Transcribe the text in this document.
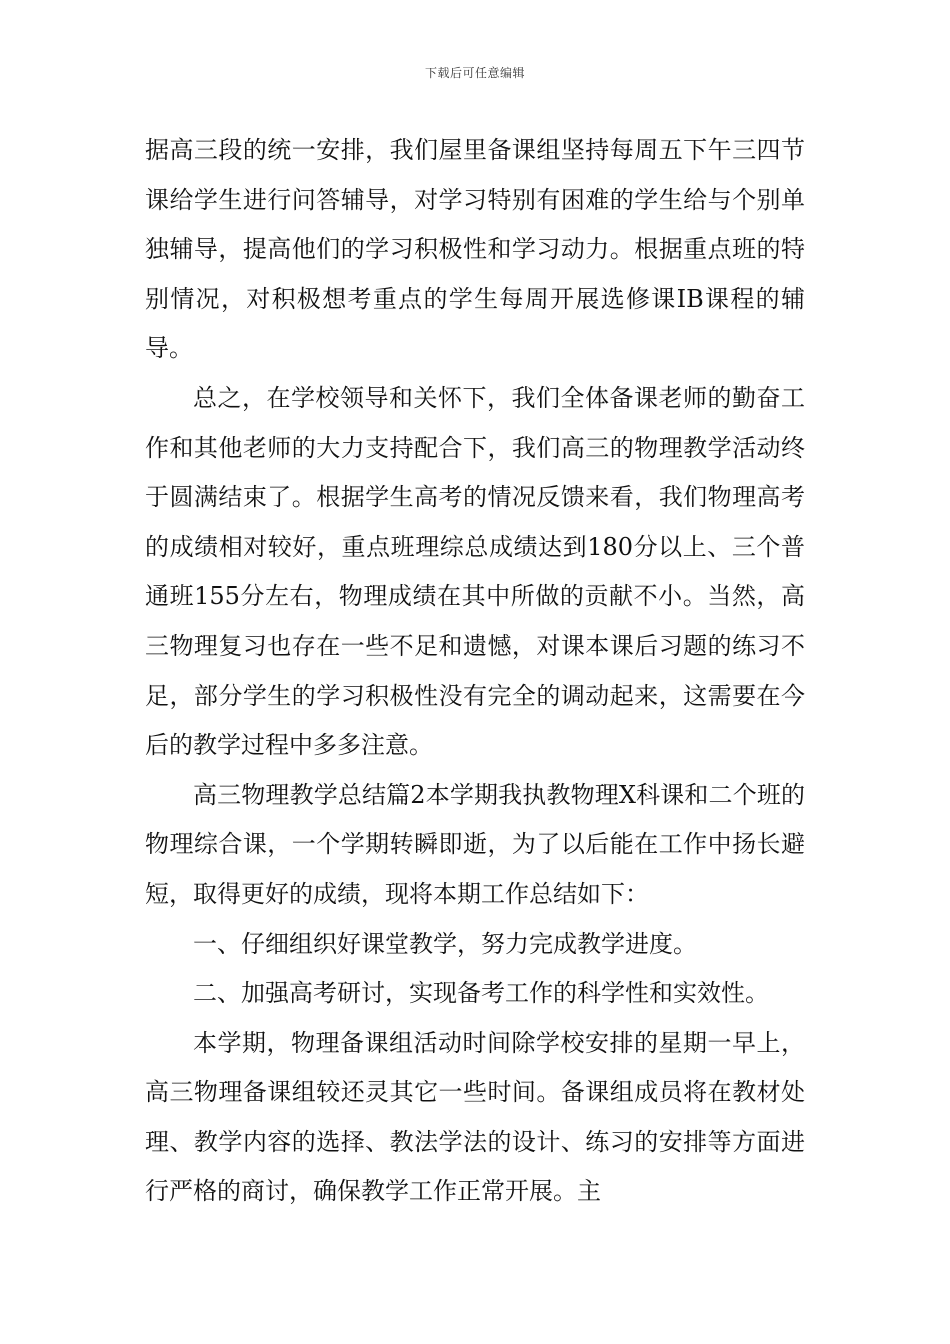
下载后可任意编辑

据高三段的统一安排，我们屋里备课组坚持每周五下午三四节课给学生进行问答辅导，对学习特别有困难的学生给与个别单独辅导，提高他们的学习积极性和学习动力。根据重点班的特别情况，对积极想考重点的学生每周开展选修课IB课程的辅导。

总之，在学校领导和关怀下，我们全体备课老师的勤奋工作和其他老师的大力支持配合下，我们高三的物理教学活动终于圆满结束了。根据学生高考的情况反馈来看，我们物理高考的成绩相对较好，重点班理综总成绩达到180分以上、三个普通班155分左右，物理成绩在其中所做的贡献不小。当然，高三物理复习也存在一些不足和遗憾，对课本课后习题的练习不足，部分学生的学习积极性没有完全的调动起来，这需要在今后的教学过程中多多注意。

高三物理教学总结篇2本学期我执教物理X科课和二个班的物理综合课，一个学期转瞬即逝，为了以后能在工作中扬长避短，取得更好的成绩，现将本期工作总结如下：

一、仔细组织好课堂教学，努力完成教学进度。

二、加强高考研讨，实现备考工作的科学性和实效性。

本学期，物理备课组活动时间除学校安排的星期一早上，高三物理备课组较还灵其它一些时间。备课组成员将在教材处理、教学内容的选择、教法学法的设计、练习的安排等方面进行严格的商讨，确保教学工作正常开展。主
